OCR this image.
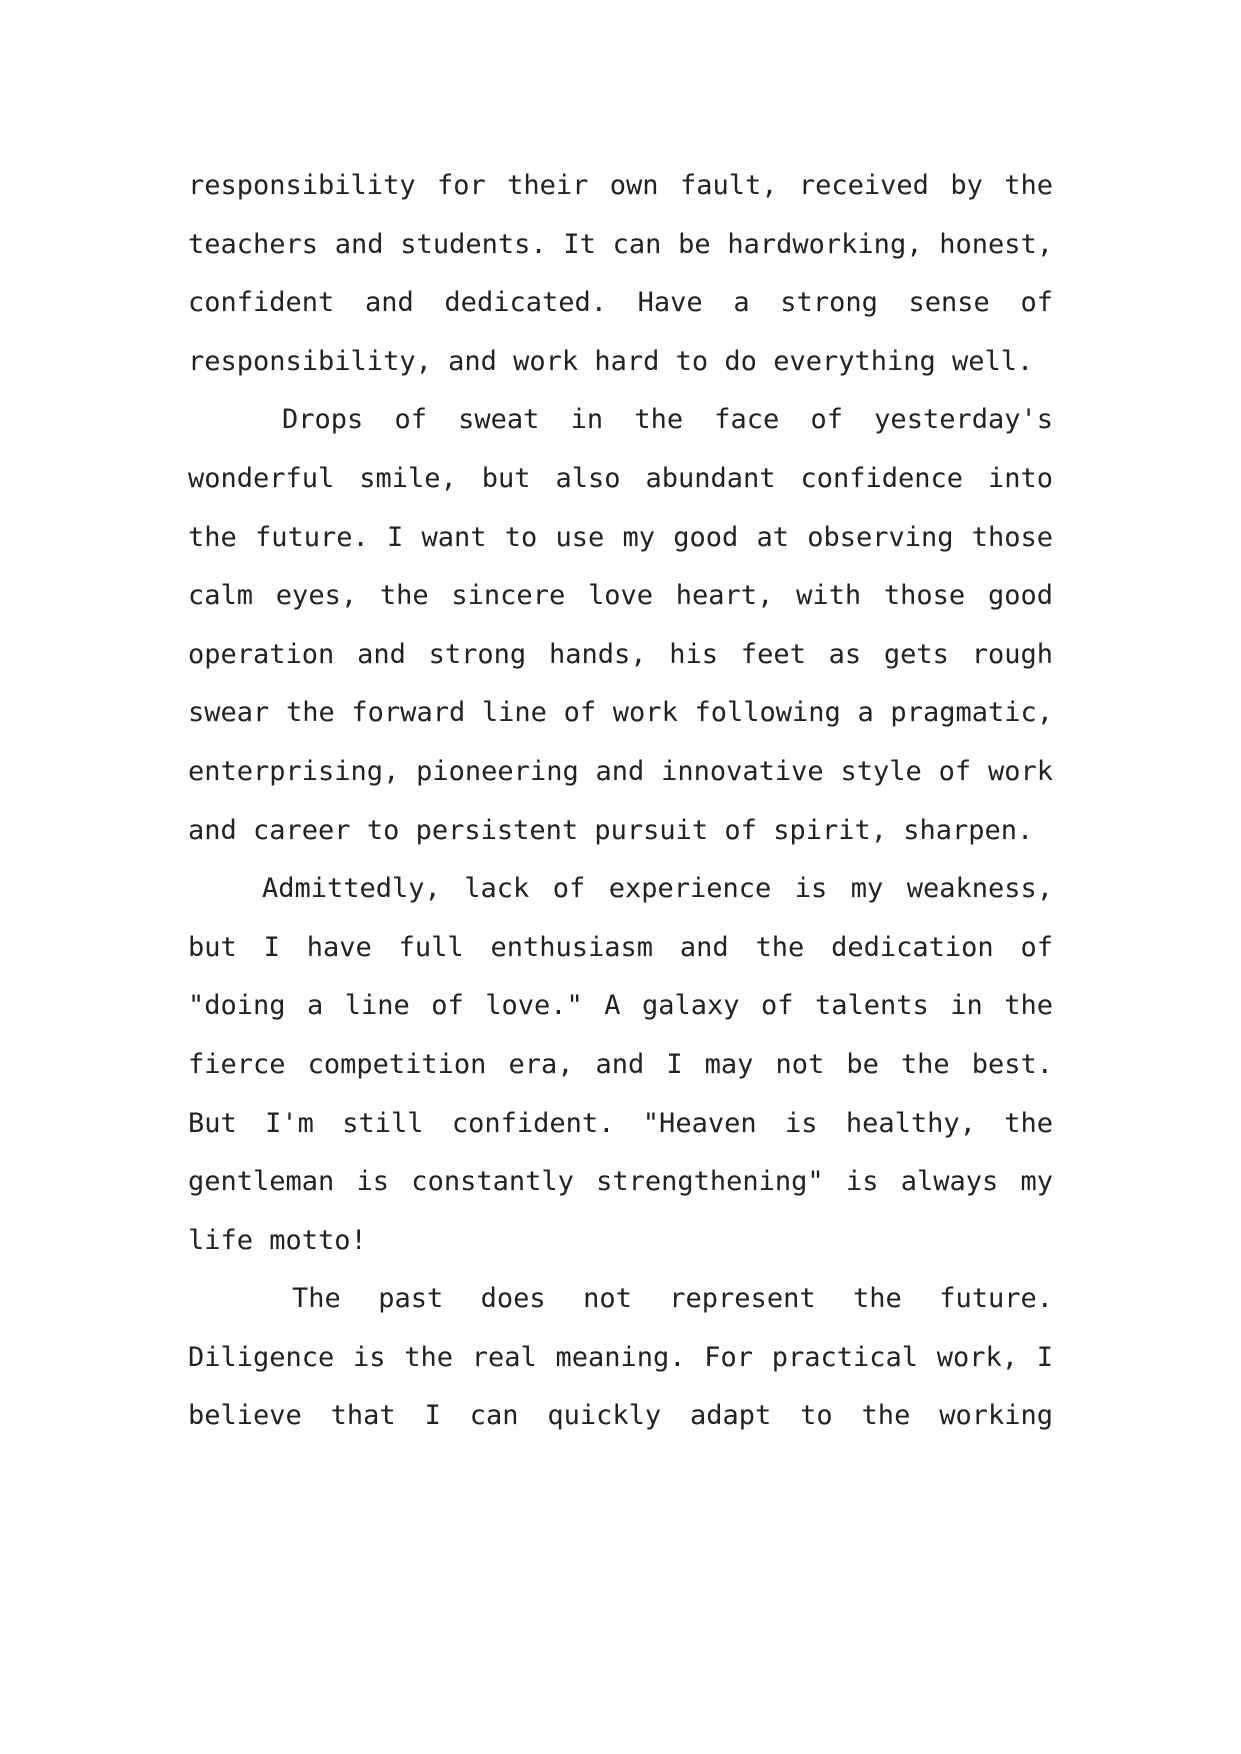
responsibility for their own fault, received by the teachers and students. It can be hardworking, honest, confident and dedicated. Have a strong sense of responsibility, and work hard to do everything well.

Drops of sweat in the face of yesterday's wonderful smile, but also abundant confidence into the future. I want to use my good at observing those calm eyes, the sincere love heart, with those good operation and strong hands, his feet as gets rough swear the forward line of work following a pragmatic, enterprising, pioneering and innovative style of work and career to persistent pursuit of spirit, sharpen.

Admittedly, lack of experience is my weakness, but I have full enthusiasm and the dedication of "doing a line of love." A galaxy of talents in the fierce competition era, and I may not be the best. But I'm still confident. "Heaven is healthy, the gentleman is constantly strengthening" is always my life motto!

The past does not represent the future. Diligence is the real meaning. For practical work, I believe that I can quickly adapt to the working
